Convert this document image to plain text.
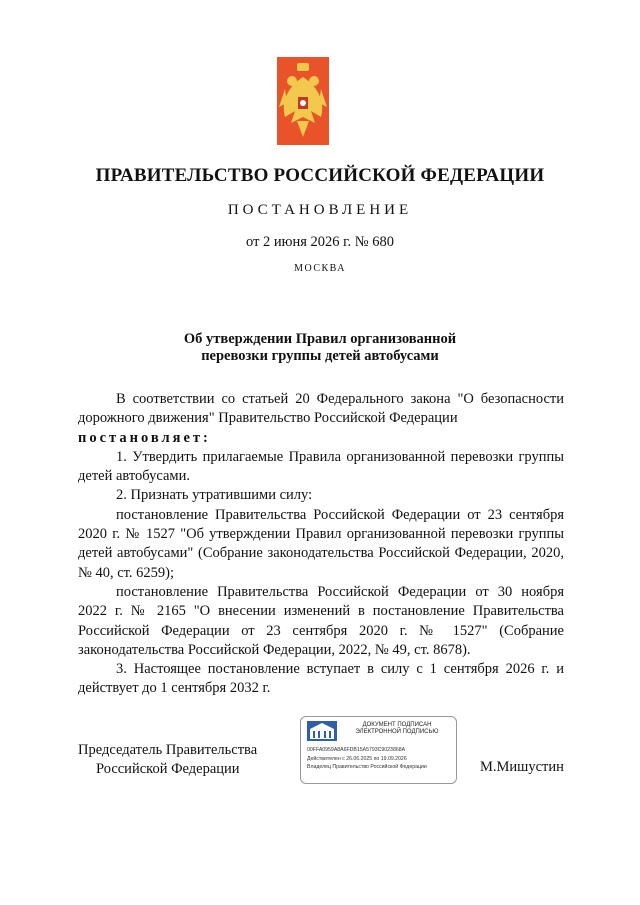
ПРАВИТЕЛЬСТВО РОССИЙСКОЙ ФЕДЕРАЦИИ
ПОСТАНОВЛЕНИЕ
от 2 июня 2026 г. № 680
МОСКВА
Об утверждении Правил организованной
перевозки группы детей автобусами

В соответствии со статьей 20 Федерального закона "О безопасности дорожного движения" Правительство Российской Федерации

постановляет:

1. Утвердить прилагаемые Правила организованной перевозки группы детей автобусами.

2. Признать утратившими силу:

постановление Правительства Российской Федерации от 23 сентября 2020 г. № 1527 "Об утверждении Правил организованной перевозки группы детей автобусами" (Собрание законодательства Российской Федерации, 2020, № 40, ст. 6259);

постановление Правительства Российской Федерации от 30 ноября 2022 г. № 2165 "О внесении изменений в постановление Правительства Российской Федерации от 23 сентября 2020 г. № 1527" (Собрание законодательства Российской Федерации, 2022, № 49, ст. 8678).

3. Настоящее постановление вступает в силу с 1 сентября 2026 г. и действует до 1 сентября 2032 г.

Председатель Правительства
Российской Федерации
ДОКУМЕНТ ПОДПИСАН ЭЛЕКТРОННОЙ ПОДПИСЬЮ
00FFA0959A8A6FDB15A5793C9023868A
Действителен с 26.06.2025 по 19.09.2026
Владелец Правительство Российской Федерации	М.Мишустин
